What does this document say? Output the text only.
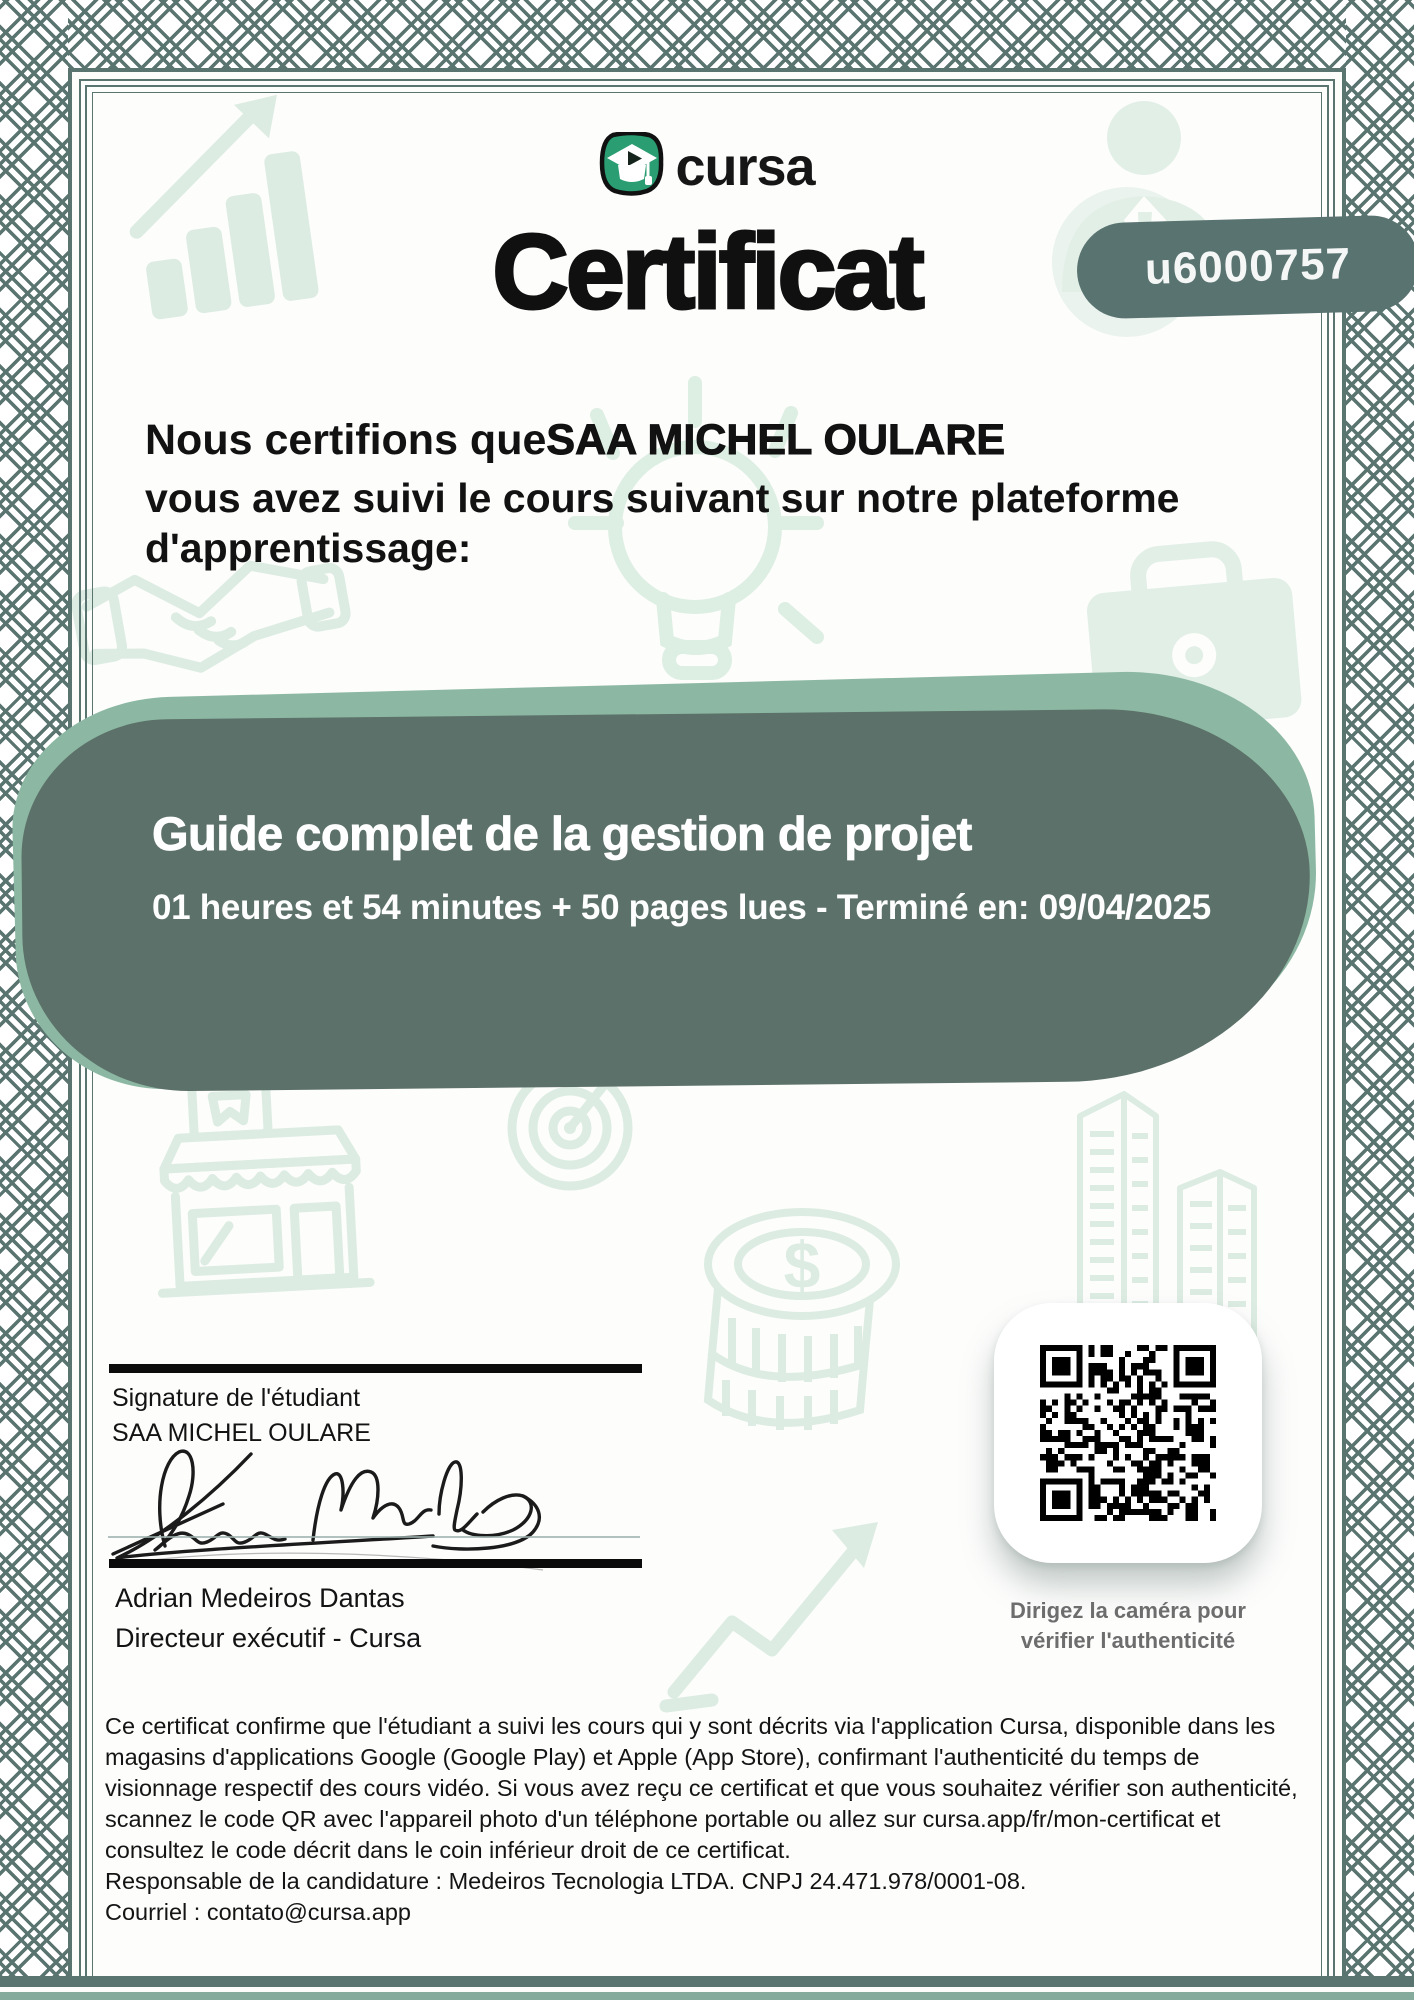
$
cursa
Certificat	u6000757
Nous certifions queSAA MICHEL OULARE
vous avez suivi le cours suivant sur notre plateforme d'apprentissage:
Guide complet de la gestion de projet
01 heures et 54 minutes + 50 pages lues - Terminé en: 09/04/2025
Signature de l'étudiant
SAA MICHEL OULARE
Adrian Medeiros Dantas
Directeur exécutif - Cursa
Dirigez la caméra pour
vérifier l'authenticité
Ce certificat confirme que l'étudiant a suivi les cours qui y sont décrits via l'application Cursa, disponible dans les magasins d'applications Google (Google Play) et Apple (App Store), confirmant l'authenticité du temps de visionnage respectif des cours vidéo. Si vous avez reçu ce certificat et que vous souhaitez vérifier son authenticité, scannez le code QR avec l'appareil photo d'un téléphone portable ou allez sur cursa.app/fr/mon-certificat et consultez le code décrit dans le coin inférieur droit de ce certificat.
Responsable de la candidature : Medeiros Tecnologia LTDA. CNPJ 24.471.978/0001-08.
Courriel : contato@cursa.app
